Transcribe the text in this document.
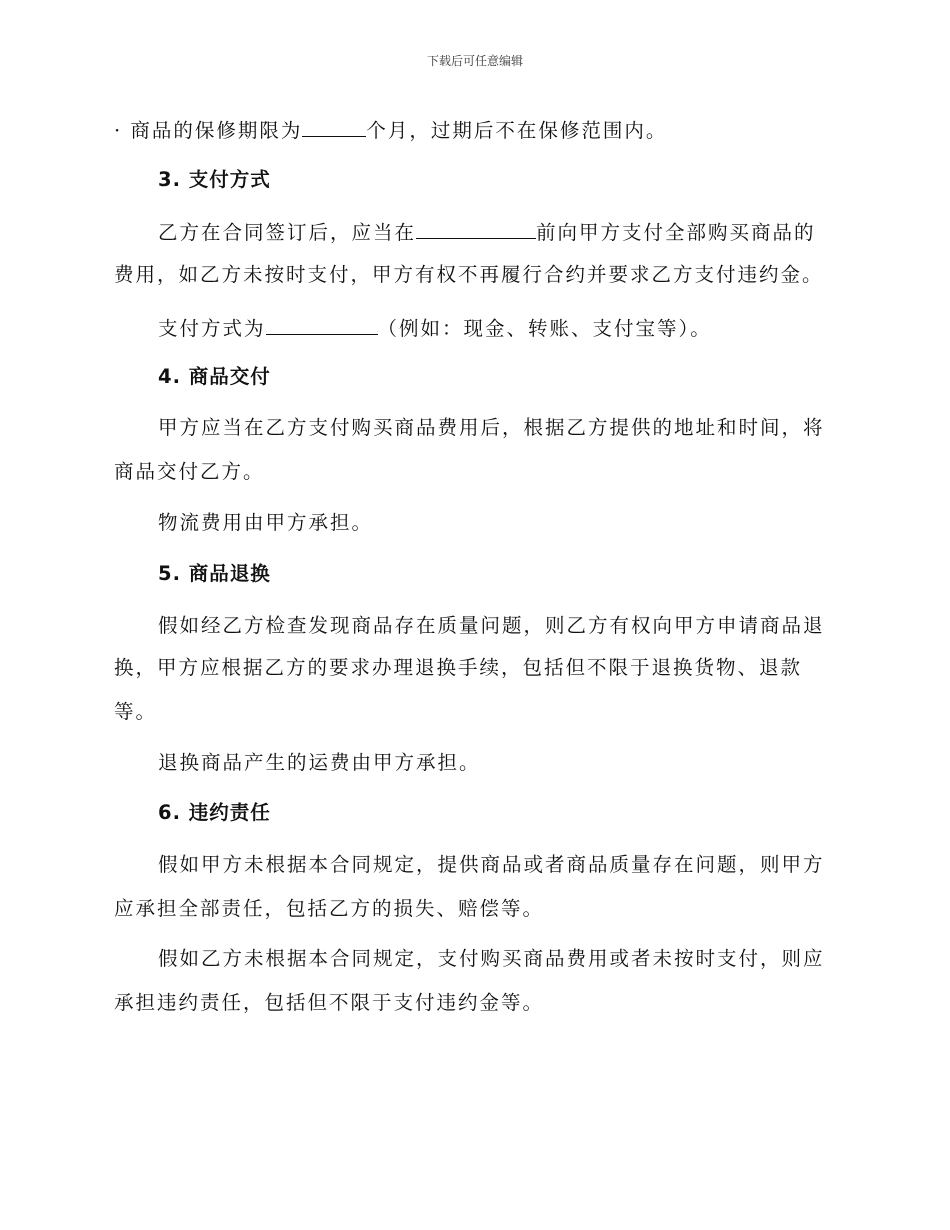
下载后可任意编辑
· 商品的保修期限为	个月，过期后不在保修范围内。
3. 支付方式
乙方在合同签订后，应当在	前向甲方支付全部购买商品的
费用，如乙方未按时支付，甲方有权不再履行合约并要求乙方支付违约金。
支付方式为	（例如：现金、转账、支付宝等）。
4. 商品交付
甲方应当在乙方支付购买商品费用后，根据乙方提供的地址和时间，将
商品交付乙方。
物流费用由甲方承担。
5. 商品退换
假如经乙方检查发现商品存在质量问题，则乙方有权向甲方申请商品退
换，甲方应根据乙方的要求办理退换手续，包括但不限于退换货物、退款
等。
退换商品产生的运费由甲方承担。
6. 违约责任
假如甲方未根据本合同规定，提供商品或者商品质量存在问题，则甲方
应承担全部责任，包括乙方的损失、赔偿等。
假如乙方未根据本合同规定，支付购买商品费用或者未按时支付，则应
承担违约责任，包括但不限于支付违约金等。
